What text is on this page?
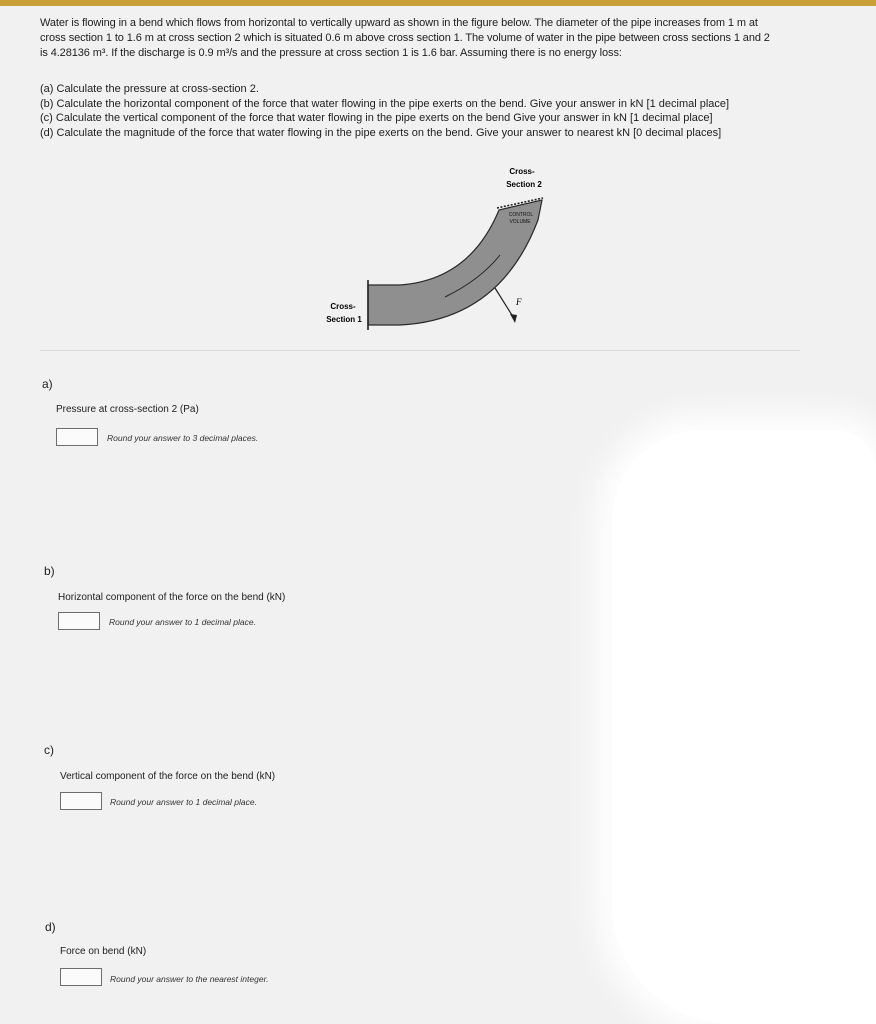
Water is flowing in a bend which flows from horizontal to vertically upward as shown in the figure below. The diameter of the pipe increases from 1 m at

cross section 1 to 1.6 m at cross section 2 which is situated 0.6 m above cross section 1. The volume of water in the pipe between cross sections 1 and 2

is 4.28136 m³. If the discharge is 0.9 m³/s and the pressure at cross section 1 is 1.6 bar. Assuming there is no energy loss:

(a) Calculate the pressure at cross-section 2.
(b) Calculate the horizontal component of the force that water flowing in the pipe exerts on the bend. Give your answer in kN [1 decimal place]
(c) Calculate the vertical component of the force that water flowing in the pipe exerts on the bend Give your answer in kN [1 decimal place]
(d) Calculate the magnitude of the force that water flowing in the pipe exerts on the bend. Give your answer to nearest kN [0 decimal places]
Cross-
Section 2
CONTROL
VOLUME
Cross-
Section 1
F
a)
Pressure at cross-section 2 (Pa)
Round your answer to 3 decimal places.
b)
Horizontal component of the force on the bend (kN)
Round your answer to 1 decimal place.
c)
Vertical component of the force on the bend (kN)
Round your answer to 1 decimal place.
d)
Force on bend (kN)
Round your answer to the nearest integer.
